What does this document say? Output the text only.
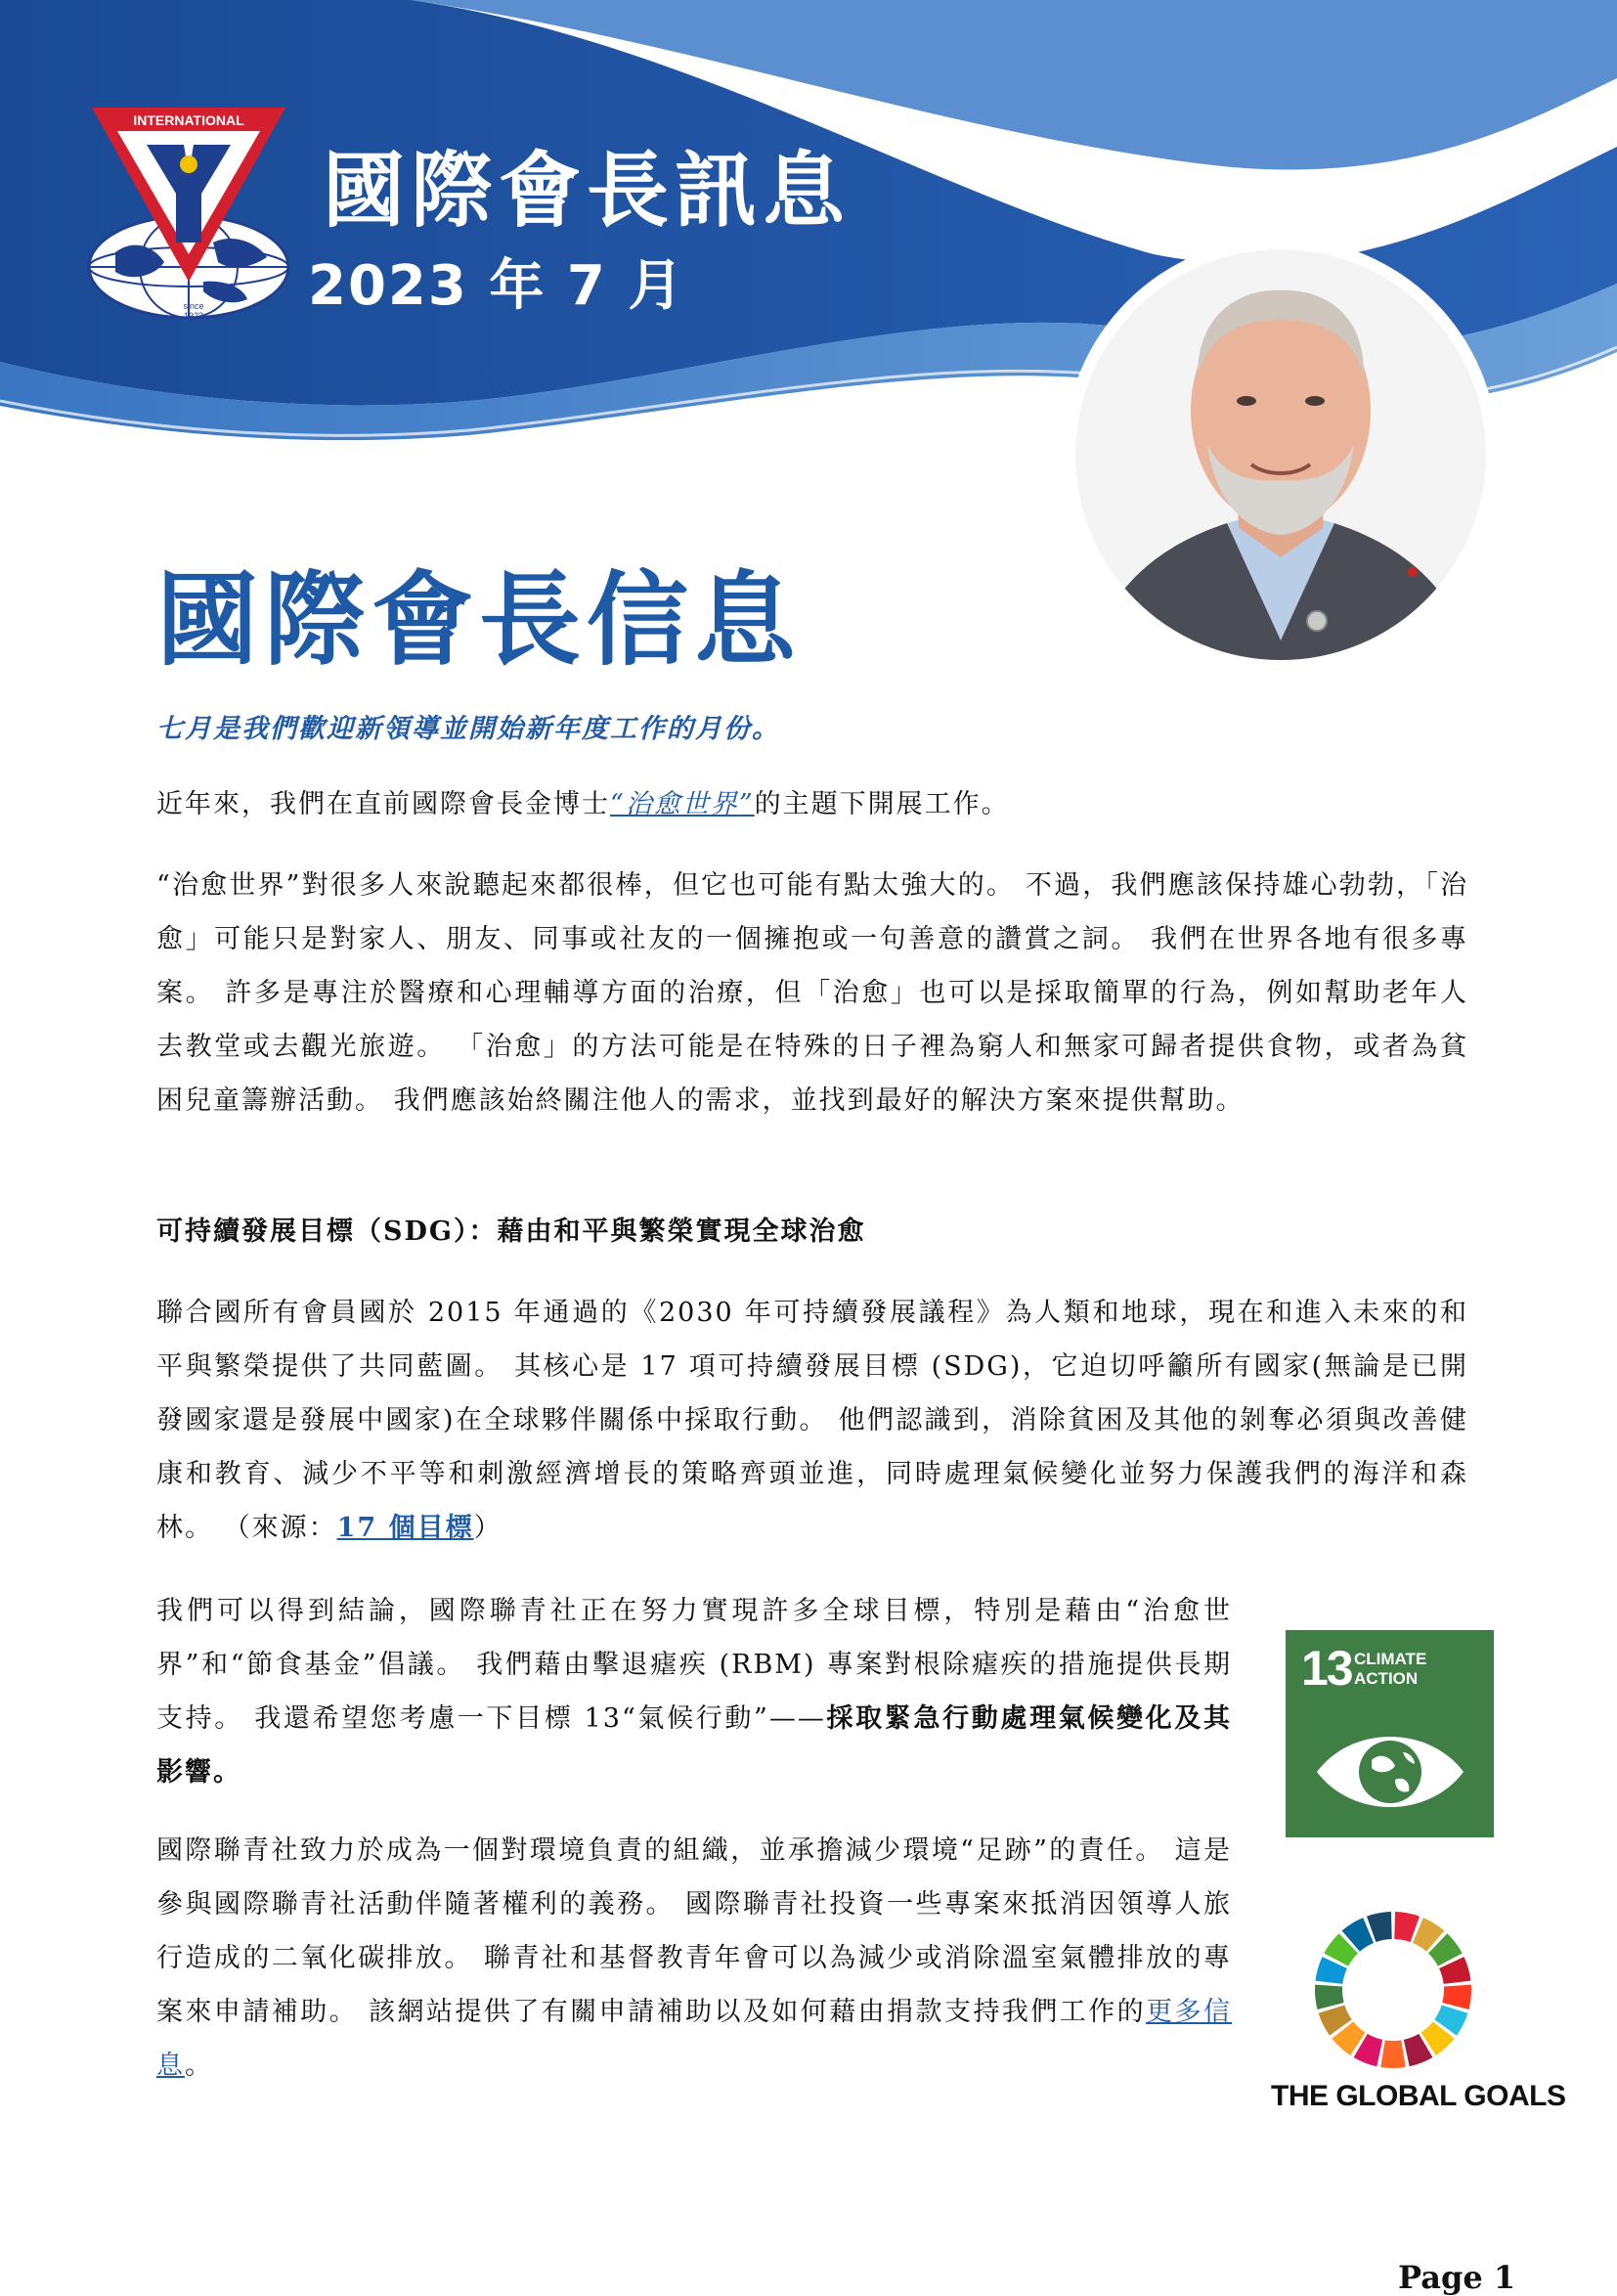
INTERNATIONAL
since
1922
國際會長訊息
2023 年 7 月
國際會長信息

七月是我們歡迎新領導並開始新年度工作的月份。

近年來，我們在直前國際會長金博士“治愈世界”的主題下開展工作。

“治愈世界”對很多人來說聽起來都很棒，但它也可能有點太強大的。 不過，我們應該保持雄心勃勃，「治愈」可能只是對家人、朋友、同事或社友的一個擁抱或一句善意的讚賞之詞。 我們在世界各地有很多專案。 許多是專注於醫療和心理輔導方面的治療，但「治愈」也可以是採取簡單的行為，例如幫助老年人去教堂或去觀光旅遊。 「治愈」的方法可能是在特殊的日子裡為窮人和無家可歸者提供食物，或者為貧困兒童籌辦活動。 我們應該始終關注他人的需求，並找到最好的解決方案來提供幫助。

可持續發展目標（SDG）：藉由和平與繁榮實現全球治愈

聯合國所有會員國於 2015 年通過的《2030 年可持續發展議程》為人類和地球，現在和進入未來的和平與繁榮提供了共同藍圖。 其核心是 17 項可持續發展目標 (SDG)，它迫切呼籲所有國家(無論是已開發國家還是發展中國家)在全球夥伴關係中採取行動。 他們認識到，消除貧困及其他的剝奪必須與改善健康和教育、減少不平等和刺激經濟增長的策略齊頭並進，同時處理氣候變化並努力保護我們的海洋和森林。 （來源：17 個目標）

我們可以得到結論，國際聯青社正在努力實現許多全球目標，特別是藉由“治愈世界”和“節食基金”倡議。 我們藉由擊退瘧疾 (RBM) 專案對根除瘧疾的措施提供長期支持。 我還希望您考慮一下目標 13“氣候行動”——採取緊急行動處理氣候變化及其影響。

國際聯青社致力於成為一個對環境負責的組織，並承擔減少環境“足跡”的責任。 這是參與國際聯青社活動伴隨著權利的義務。 國際聯青社投資一些專案來抵消因領導人旅行造成的二氧化碳排放。 聯青社和基督教青年會可以為減少或消除溫室氣體排放的專案來申請補助。 該網站提供了有關申請補助以及如何藉由捐款支持我們工作的更多信息。

13 CLIMATE ACTION
THE GLOBAL GOALS
Page 1
